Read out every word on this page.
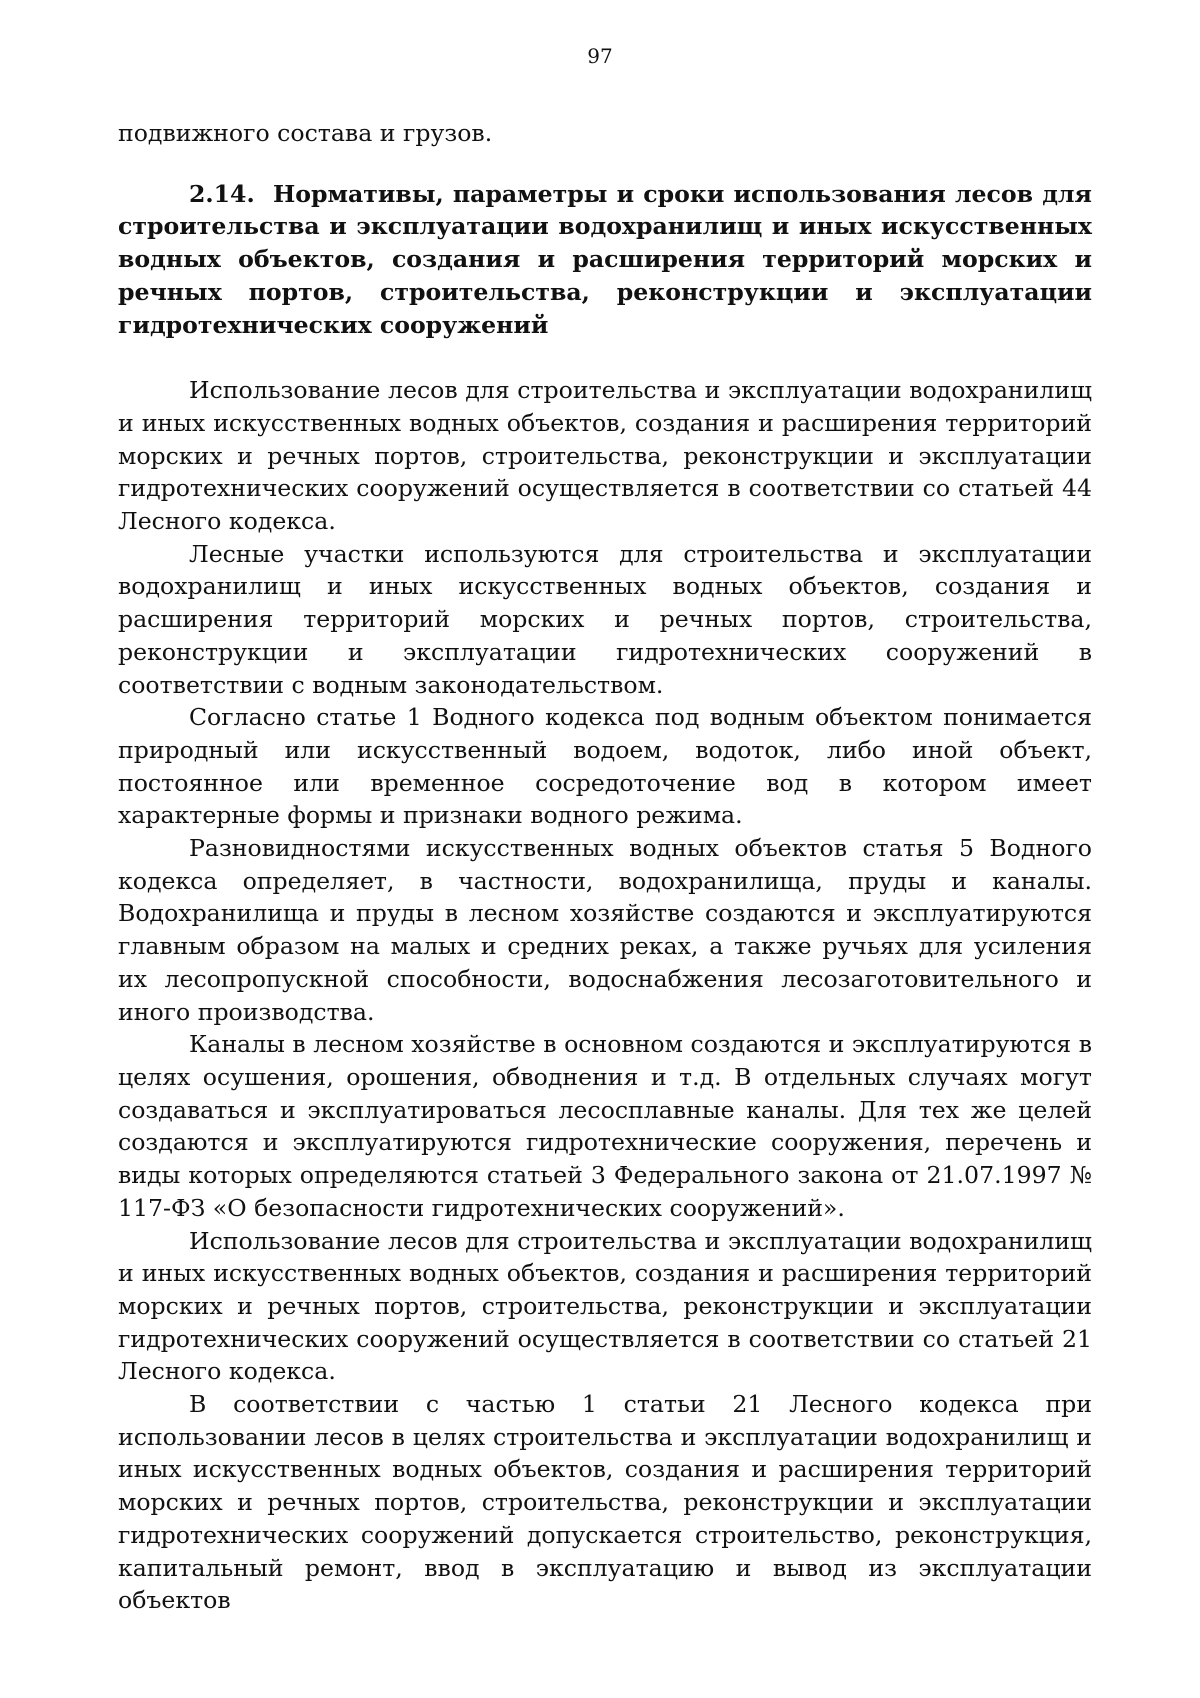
97

подвижного состава и грузов.

2.14. Нормативы, параметры и сроки использования лесов для строительства и эксплуатации водохранилищ и иных искусственных водных объектов, создания и расширения территорий морских и речных портов, строительства, реконструкции и эксплуатации гидротехнических сооружений

Использование лесов для строительства и эксплуатации водохранилищ и иных искусственных водных объектов, создания и расширения территорий морских и речных портов, строительства, реконструкции и эксплуатации гидротехнических сооружений осуществляется в соответствии со статьей 44 Лесного кодекса.

Лесные участки используются для строительства и эксплуатации водохранилищ и иных искусственных водных объектов, создания и расширения территорий морских и речных портов, строительства, реконструкции и эксплуатации гидротехнических сооружений в соответствии с водным законодательством.

Согласно статье 1 Водного кодекса под водным объектом понимается природный или искусственный водоем, водоток, либо иной объект, постоянное или временное сосредоточение вод в котором имеет характерные формы и признаки водного режима.

Разновидностями искусственных водных объектов статья 5 Водного кодекса определяет, в частности, водохранилища, пруды и каналы. Водохранилища и пруды в лесном хозяйстве создаются и эксплуатируются главным образом на малых и средних реках, а также ручьях для усиления их лесопропускной способности, водоснабжения лесозаготовительного и иного производства.

Каналы в лесном хозяйстве в основном создаются и эксплуатируются в целях осушения, орошения, обводнения и т.д. В отдельных случаях могут создаваться и эксплуатироваться лесосплавные каналы. Для тех же целей создаются и эксплуатируются гидротехнические сооружения, перечень и виды которых определяются статьей 3 Федерального закона от 21.07.1997 № 117-ФЗ «О безопасности гидротехнических сооружений».

Использование лесов для строительства и эксплуатации водохранилищ и иных искусственных водных объектов, создания и расширения территорий морских и речных портов, строительства, реконструкции и эксплуатации гидротехнических сооружений осуществляется в соответствии со статьей 21 Лесного кодекса.

В соответствии с частью 1 статьи 21 Лесного кодекса при использовании лесов в целях строительства и эксплуатации водохранилищ и иных искусственных водных объектов, создания и расширения территорий морских и речных портов, строительства, реконструкции и эксплуатации гидротехнических сооружений допускается строительство, реконструкция, капитальный ремонт, ввод в эксплуатацию и вывод из эксплуатации объектов
